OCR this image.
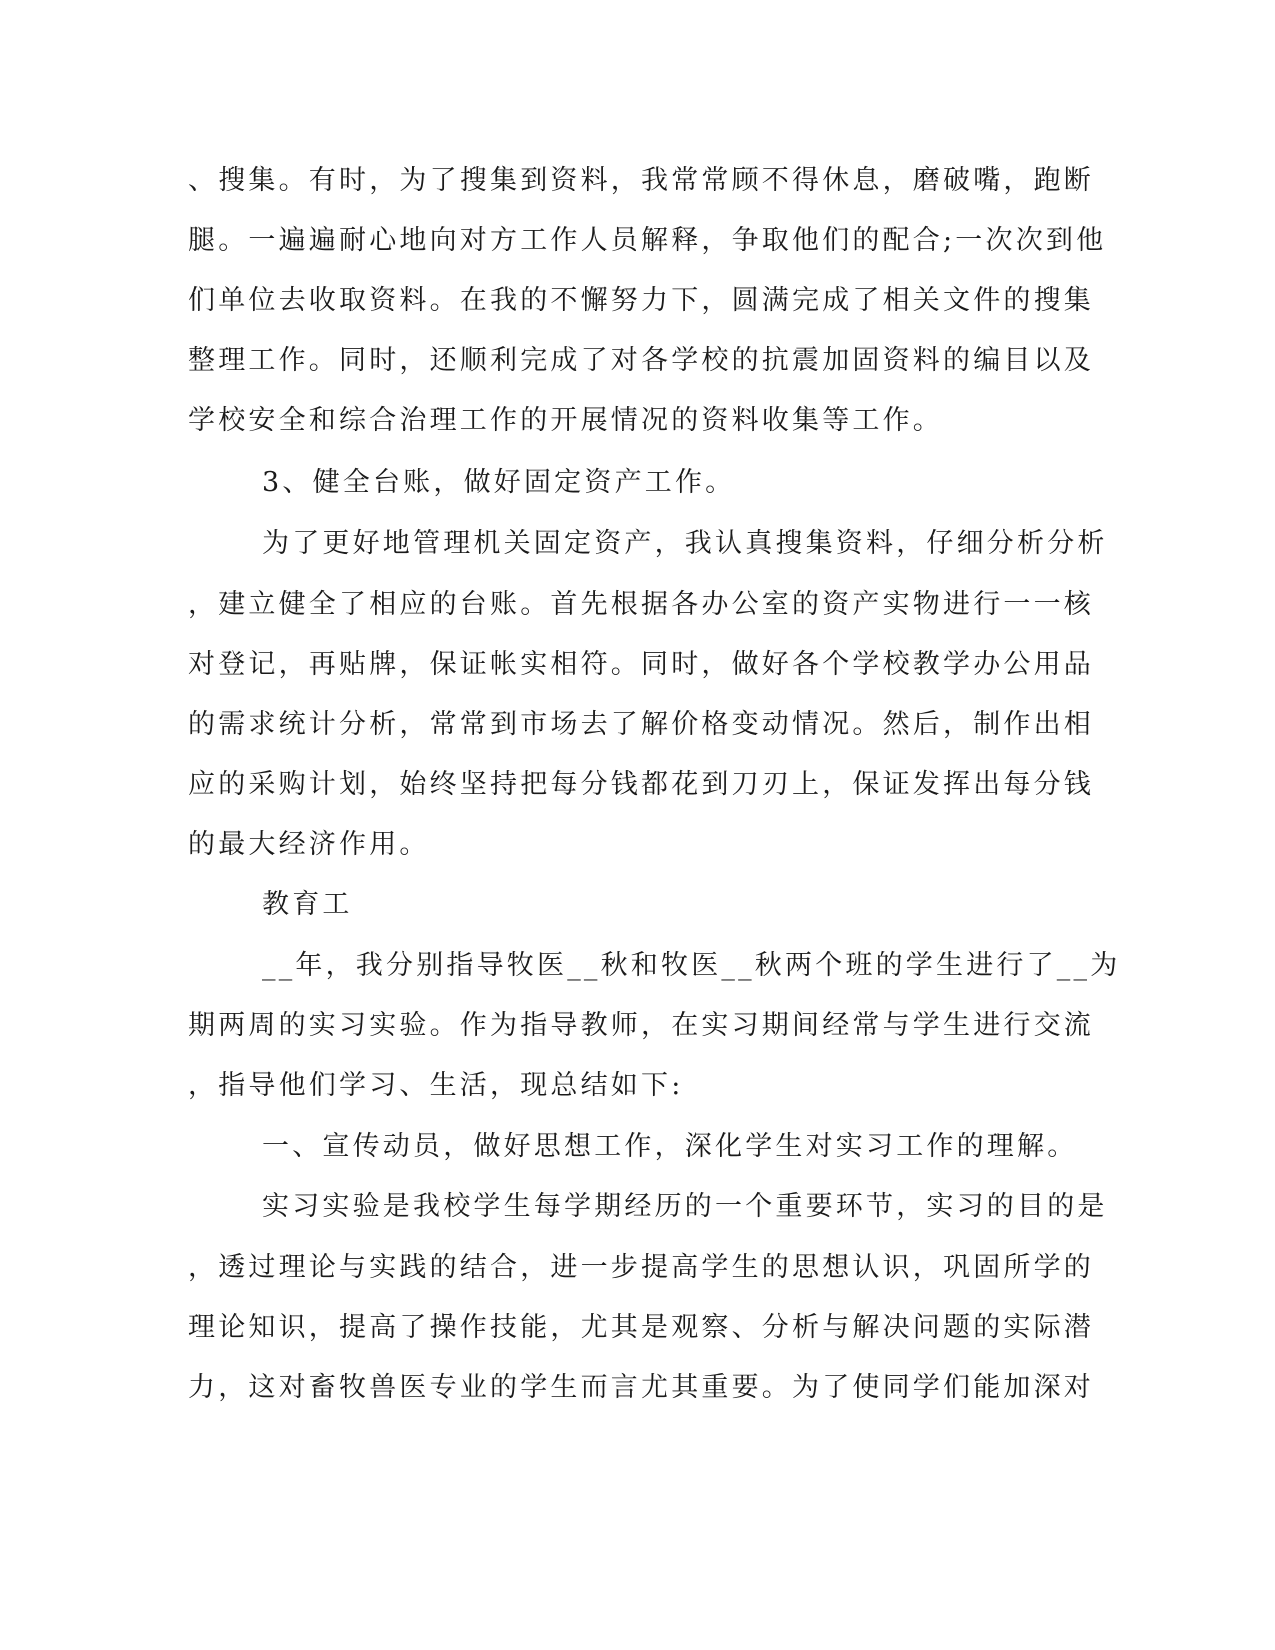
、搜集。有时，为了搜集到资料，我常常顾不得休息，磨破嘴，跑断
腿。一遍遍耐心地向对方工作人员解释，争取他们的配合;一次次到他
们单位去收取资料。在我的不懈努力下，圆满完成了相关文件的搜集
整理工作。同时，还顺利完成了对各学校的抗震加固资料的编目以及
学校安全和综合治理工作的开展情况的资料收集等工作。
3、健全台账，做好固定资产工作。
为了更好地管理机关固定资产，我认真搜集资料，仔细分析分析
，建立健全了相应的台账。首先根据各办公室的资产实物进行一一核
对登记，再贴牌，保证帐实相符。同时，做好各个学校教学办公用品
的需求统计分析，常常到市场去了解价格变动情况。然后，制作出相
应的采购计划，始终坚持把每分钱都花到刀刃上，保证发挥出每分钱
的最大经济作用。
教育工
__年，我分别指导牧医__秋和牧医__秋两个班的学生进行了__为
期两周的实习实验。作为指导教师，在实习期间经常与学生进行交流
，指导他们学习、生活，现总结如下:
一、宣传动员，做好思想工作，深化学生对实习工作的理解。
实习实验是我校学生每学期经历的一个重要环节，实习的目的是
，透过理论与实践的结合，进一步提高学生的思想认识，巩固所学的
理论知识，提高了操作技能，尤其是观察、分析与解决问题的实际潜
力，这对畜牧兽医专业的学生而言尤其重要。为了使同学们能加深对
